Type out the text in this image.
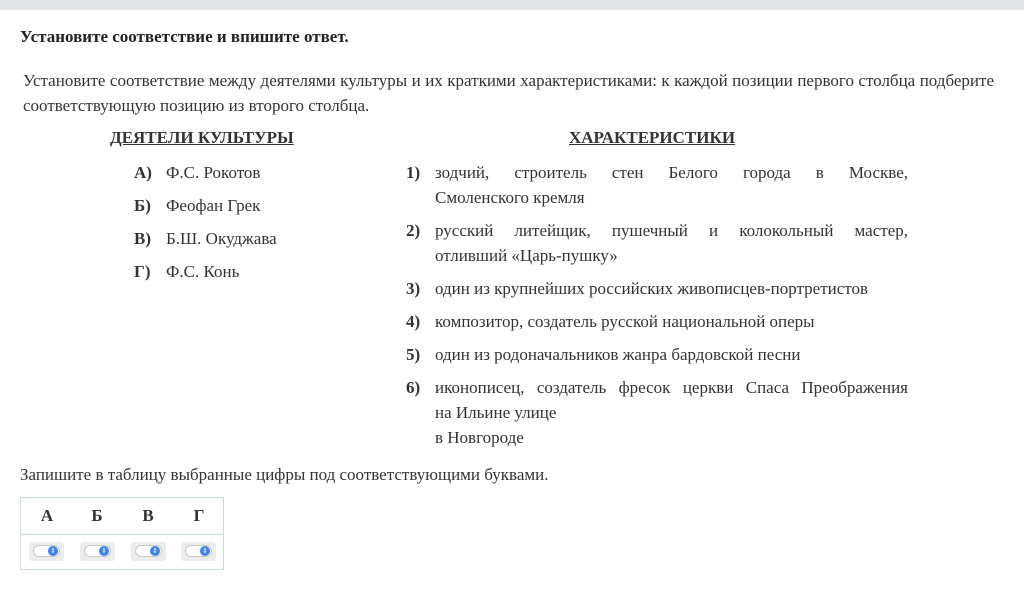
Установите соответствие и впишите ответ.
Установите соответствие между деятелями культуры и их краткими характеристиками: к каждой позиции первого столбца подберите соответствующую позицию из второго столбца.
ДЕЯТЕЛИ КУЛЬТУРЫ	ХАРАКТЕРИСТИКИ
А) Ф.С. Рокотов
Б) Феофан Грек
В) Б.Ш. Окуджава
Г) Ф.С. Конь
1) зодчий, строитель стен Белого города в Москве,
Смоленского кремля
2) русский литейщик, пушечный и колокольный мастер,
отливший «Царь-пушку»
3) один из крупнейших российских живописцев-портретистов
4) композитор, создатель русской национальной оперы
5) один из родоначальников жанра бардовской песни
6) иконописец, создатель фресок церкви Спаса Преображения
на Ильине улице
в Новгороде
Запишите в таблицу выбранные цифры под соответствующими буквами.
А	Б	В	Г
⇕	⇕	⇕	⇕
